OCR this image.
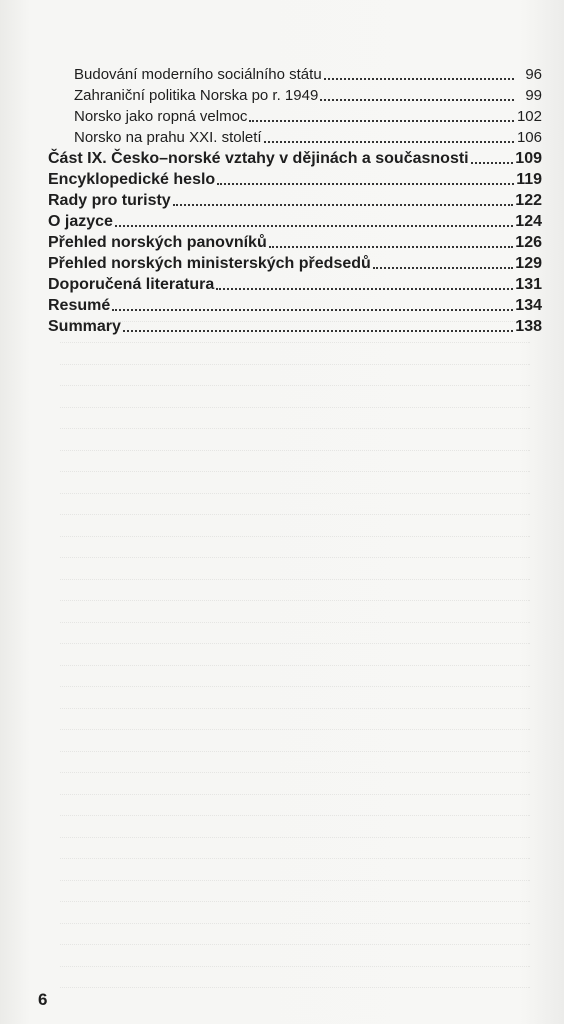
Budování moderního sociálního státu	96
Zahraniční politika Norska po r. 1949	99
Norsko jako ropná velmoc	102
Norsko na prahu XXI. století	106
Část IX. Česko–norské vztahy v dějinách a současnosti	109
Encyklopedické heslo	119
Rady pro turisty	122
O jazyce	124
Přehled norských panovníků	126
Přehled norských ministerských předsedů	129
Doporučená literatura	131
Resumé	134
Summary	138
6
